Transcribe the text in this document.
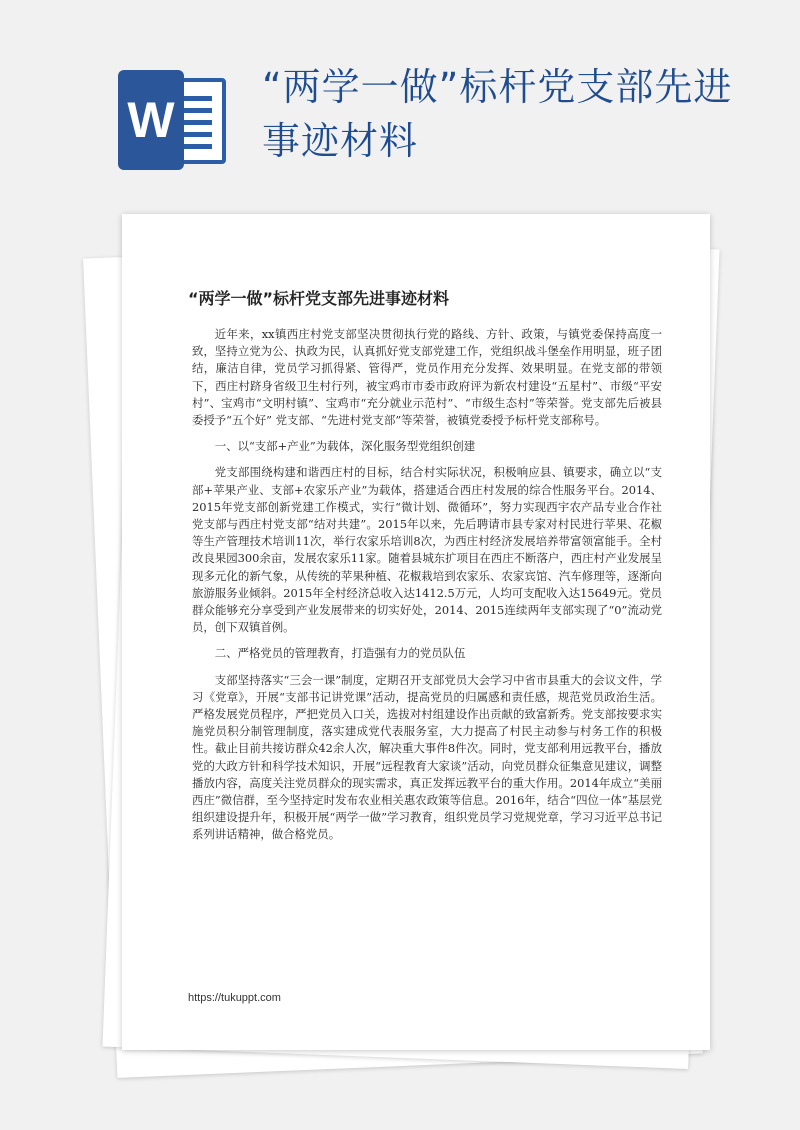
W
“两学一做”标杆党支部先进事迹材料
“两学一做”标杆党支部先进事迹材料

近年来，xx镇西庄村党支部坚决贯彻执行党的路线、方针、政策，与镇党委保持高度一致，坚持立党为公、执政为民，认真抓好党支部党建工作，党组织战斗堡垒作用明显，班子团结，廉洁自律，党员学习抓得紧、管得严，党员作用充分发挥、效果明显。在党支部的带领下，西庄村跻身省级卫生村行列，被宝鸡市市委市政府评为新农村建设“五星村”、市级“平安村”、宝鸡市“文明村镇”、宝鸡市“充分就业示范村”、“市级生态村”等荣誉。党支部先后被县委授予“五个好” 党支部、“先进村党支部”等荣誉，被镇党委授予标杆党支部称号。

一、以“支部+产业”为载体，深化服务型党组织创建

党支部围绕构建和谐西庄村的目标，结合村实际状况，积极响应县、镇要求，确立以“支部+苹果产业、支部+农家乐产业”为载体，搭建适合西庄村发展的综合性服务平台。2014、2015年党支部创新党建工作模式，实行“微计划、微循环”，努力实现西宇农产品专业合作社党支部与西庄村党支部“结对共建”。2015年以来，先后聘请市县专家对村民进行苹果、花椒等生产管理技术培训11次，举行农家乐培训8次，为西庄村经济发展培养带富领富能手。全村改良果园300余亩，发展农家乐11家。随着县城东扩项目在西庄不断落户，西庄村产业发展呈现多元化的新气象，从传统的苹果种植、花椒栽培到农家乐、农家宾馆、汽车修理等，逐渐向旅游服务业倾斜。2015年全村经济总收入达1412.5万元，人均可支配收入达15649元。党员群众能够充分享受到产业发展带来的切实好处，2014、2015连续两年支部实现了“0”流动党员，创下双镇首例。

二、严格党员的管理教育，打造强有力的党员队伍

支部坚持落实“三会一课”制度，定期召开支部党员大会学习中省市县重大的会议文件，学习《党章》，开展“支部书记讲党课”活动，提高党员的归属感和责任感，规范党员政治生活。严格发展党员程序，严把党员入口关，选拔对村组建设作出贡献的致富新秀。党支部按要求实施党员积分制管理制度，落实建成党代表服务室，大力提高了村民主动参与村务工作的积极性。截止目前共接访群众42余人次，解决重大事件8件次。同时，党支部利用远教平台，播放党的大政方针和科学技术知识，开展“远程教育大家谈”活动，向党员群众征集意见建议，调整播放内容，高度关注党员群众的现实需求，真正发挥远教平台的重大作用。2014年成立“美丽西庄”微信群，至今坚持定时发布农业相关惠农政策等信息。2016年，结合“四位一体”基层党组织建设提升年，积极开展“两学一做”学习教育，组织党员学习党规党章，学习习近平总书记系列讲话精神，做合格党员。

https://tukuppt.com
